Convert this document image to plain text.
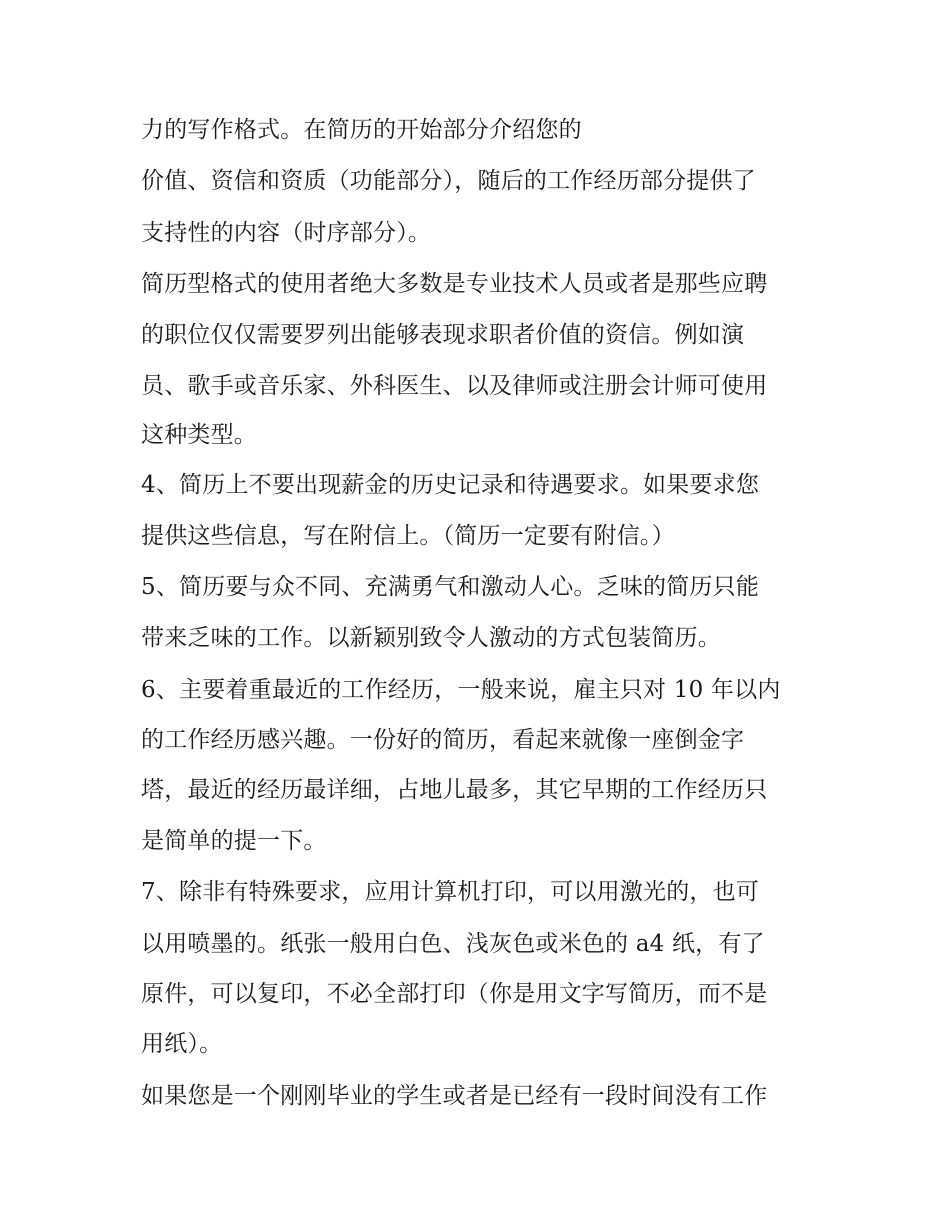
力的写作格式。在简历的开始部分介绍您的
价值、资信和资质（功能部分），随后的工作经历部分提供了
支持性的内容（时序部分）。
简历型格式的使用者绝大多数是专业技术人员或者是那些应聘
的职位仅仅需要罗列出能够表现求职者价值的资信。例如演
员、歌手或音乐家、外科医生、以及律师或注册会计师可使用
这种类型。
4、简历上不要出现薪金的历史记录和待遇要求。如果要求您
提供这些信息，写在附信上。（简历一定要有附信。）
5、简历要与众不同、充满勇气和激动人心。乏味的简历只能
带来乏味的工作。以新颖别致令人激动的方式包装简历。
6、主要着重最近的工作经历，一般来说，雇主只对 10 年以内
的工作经历感兴趣。一份好的简历，看起来就像一座倒金字
塔，最近的经历最详细，占地儿最多，其它早期的工作经历只
是简单的提一下。
7、除非有特殊要求，应用计算机打印，可以用激光的，也可
以用喷墨的。纸张一般用白色、浅灰色或米色的 a4 纸，有了
原件，可以复印，不必全部打印（你是用文字写简历，而不是
用纸）。
如果您是一个刚刚毕业的学生或者是已经有一段时间没有工作
